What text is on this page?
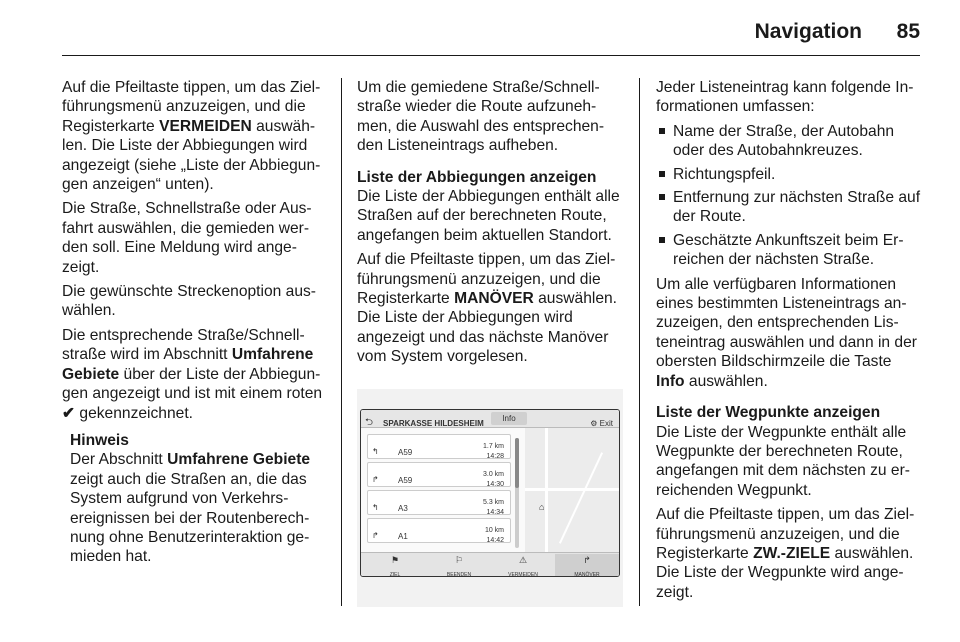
Navigation 85

Auf die Pfeiltaste tippen, um das Zielführungsmenü anzuzeigen, und die Registerkarte VERMEIDEN auswählen. Die Liste der Abbiegungen wird angezeigt (siehe „Liste der Abbiegungen anzeigen“ unten).

Die Straße, Schnellstraße oder Ausfahrt auswählen, die gemieden werden soll. Eine Meldung wird angezeigt.

Die gewünschte Streckenoption auswählen.

Die entsprechende Straße/Schnellstraße wird im Abschnitt Umfahrene Gebiete über der Liste der Abbiegungen angezeigt und ist mit einem roten ✔ gekennzeichnet.

Hinweis
Der Abschnitt Umfahrene Gebiete zeigt auch die Straßen an, die das System aufgrund von Verkehrsereignissen bei der Routenberechnung ohne Benutzerinteraktion gemieden hat.

Um die gemiedene Straße/Schnellstraße wieder die Route aufzunehmen, die Auswahl des entsprechenden Listeneintrags aufheben.

Liste der Abbiegungen anzeigen

Die Liste der Abbiegungen enthält alle Straßen auf der berechneten Route, angefangen beim aktuellen Standort.

Auf die Pfeiltaste tippen, um das Zielführungsmenü anzuzeigen, und die Registerkarte MANÖVER auswählen. Die Liste der Abbiegungen wird angezeigt und das nächste Manöver vom System vorgelesen.

⮌ SPARKASSE HILDESHEIM
Info
⚙ Exit
⌂
↰ A59
1.7 km
14:28
↱ A59
3.0 km
14:30
↰ A3
5.3 km
14:34
↱ A1
10 km
14:42
⚑
ZIEL
⚐
BEENDEN
⚠
VERMEIDEN
↱
MANÖVER

Jeder Listeneintrag kann folgende Informationen umfassen:

Name der Straße, der Autobahn oder des Autobahnkreuzes.
Richtungspfeil.
Entfernung zur nächsten Straße auf der Route.
Geschätzte Ankunftszeit beim Erreichen der nächsten Straße.

Um alle verfügbaren Informationen eines bestimmten Listeneintrags anzuzeigen, den entsprechenden Listeneintrag auswählen und dann in der obersten Bildschirmzeile die Taste Info auswählen.

Liste der Wegpunkte anzeigen

Die Liste der Wegpunkte enthält alle Wegpunkte der berechneten Route, angefangen mit dem nächsten zu erreichenden Wegpunkt.

Auf die Pfeiltaste tippen, um das Zielführungsmenü anzuzeigen, und die Registerkarte ZW.-ZIELE auswählen. Die Liste der Wegpunkte wird angezeigt.
